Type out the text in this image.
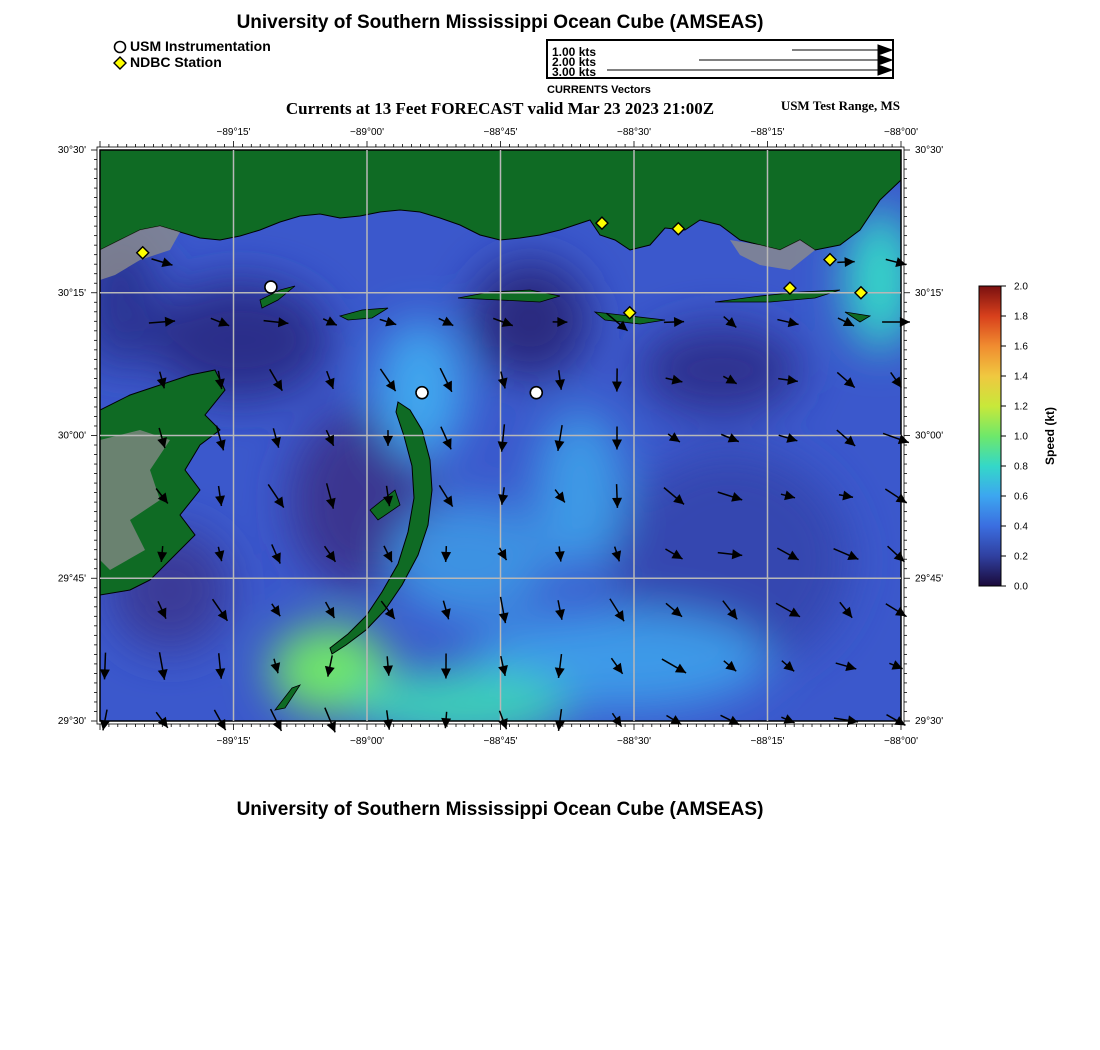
University of Southern Mississippi Ocean Cube (AMSEAS)
Currents at 13 Feet FORECAST valid Mar 23 2023 21:00Z	USM Test Range, MS
USM Instrumentation
NDBC Station
1.00 kts
2.00 kts
3.00 kts
CURRENTS Vectors
−89°15'
−89°15'
−89°00'
−89°00'
−88°45'
−88°45'
−88°30'
−88°30'
−88°15'
−88°15'
−88°00'
−88°00'
30°30'	30°30'
30°15'	30°15'
30°00'	30°00'
29°45'	29°45'
29°30'	29°30'
0.0
0.2
0.4
0.6
0.8
1.0
1.2
1.4
1.6
1.8
2.0
Speed (kt)
University of Southern Mississippi Ocean Cube (AMSEAS)
